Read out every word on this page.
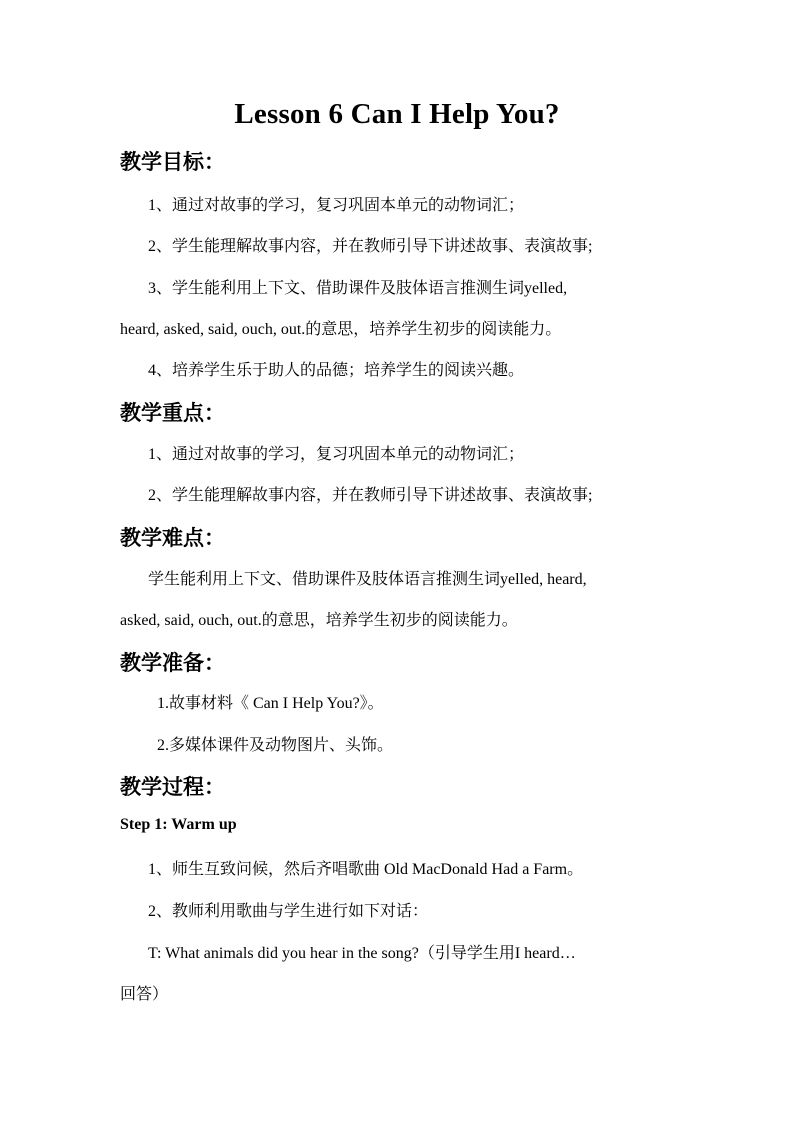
Lesson 6 Can I Help You?
教学目标：
1、通过对故事的学习，复习巩固本单元的动物词汇；
2、学生能理解故事内容，并在教师引导下讲述故事、表演故事;
3、学生能利用上下文、借助课件及肢体语言推测生词yelled,
heard, asked, said, ouch, out.的意思，培养学生初步的阅读能力。
4、培养学生乐于助人的品德；培养学生的阅读兴趣。
教学重点：
1、通过对故事的学习，复习巩固本单元的动物词汇；
2、学生能理解故事内容，并在教师引导下讲述故事、表演故事;
教学难点：
学生能利用上下文、借助课件及肢体语言推测生词yelled, heard,
asked, said, ouch, out.的意思，培养学生初步的阅读能力。
教学准备：
1.故事材料《 Can I Help You?》。
2.多媒体课件及动物图片、头饰。
教学过程：
Step 1: Warm up
1、师生互致问候，然后齐唱歌曲 Old MacDonald Had a Farm。
2、教师利用歌曲与学生进行如下对话：
T: What animals did you hear in the song?（引导学生用I heard…
回答）
